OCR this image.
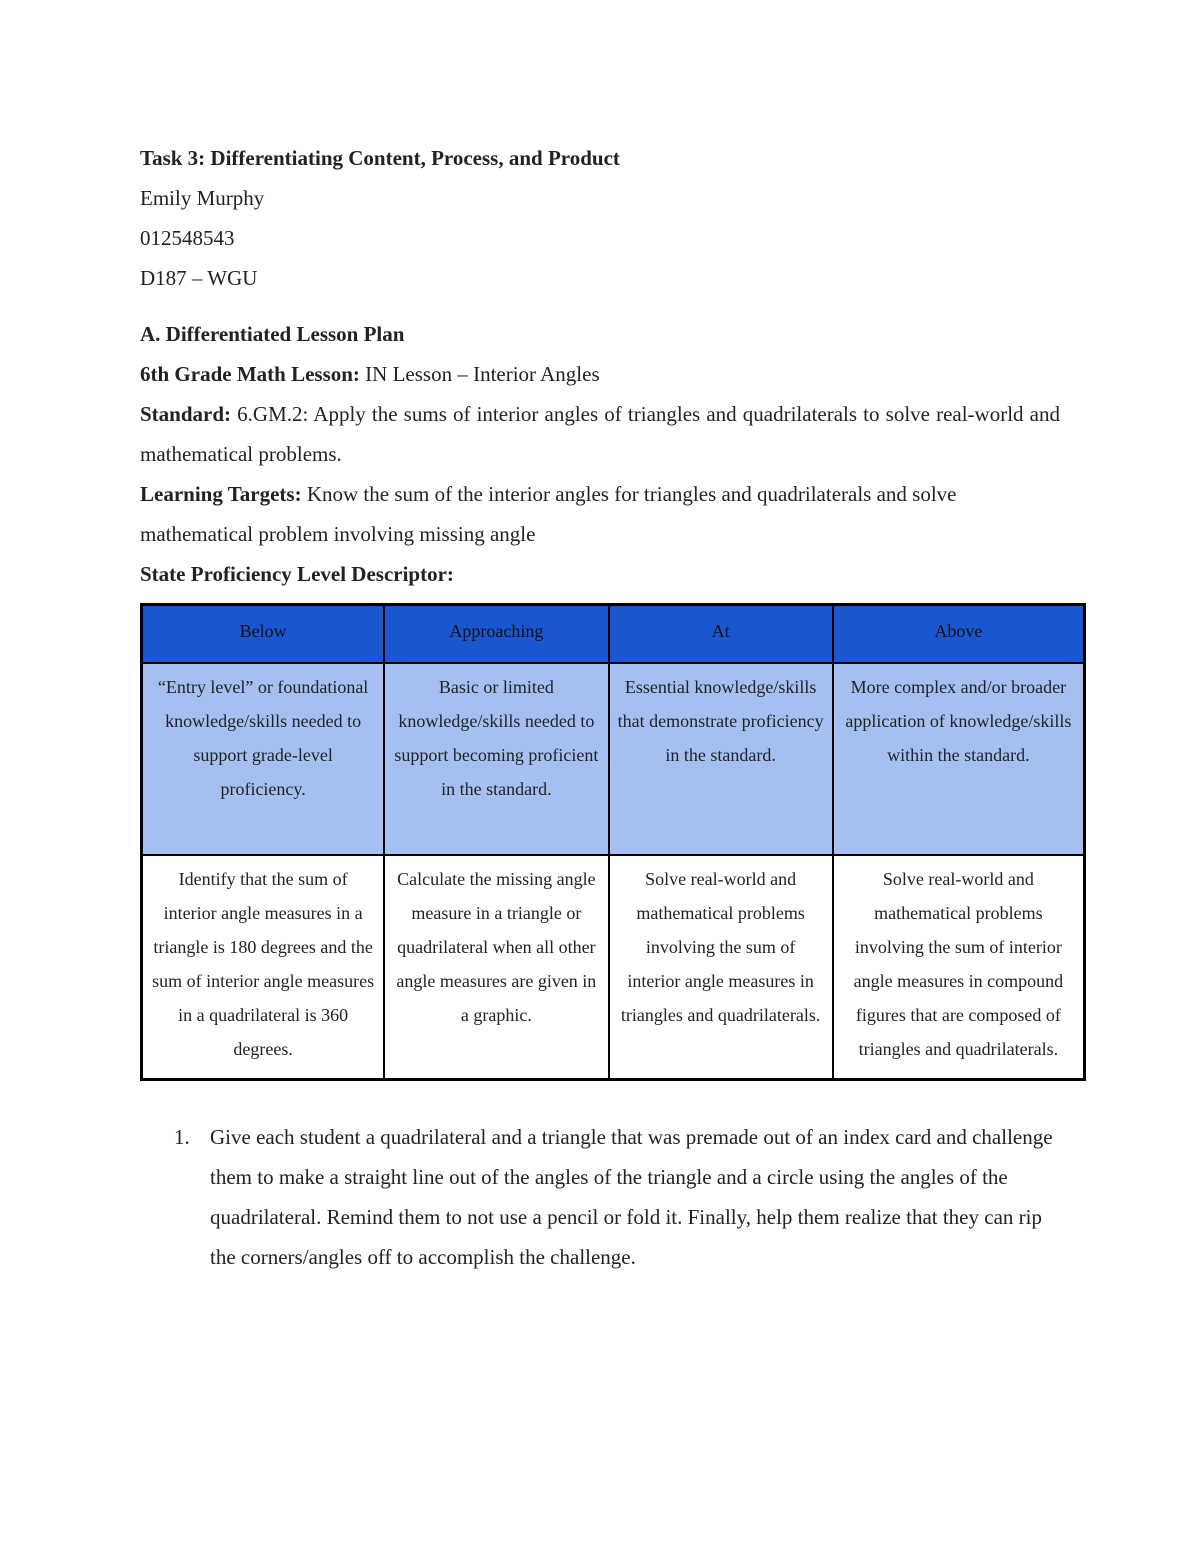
Task 3: Differentiating Content, Process, and Product

Emily Murphy

012548543

D187 – WGU

A. Differentiated Lesson Plan

6th Grade Math Lesson: IN Lesson – Interior Angles

Standard: 6.GM.2: Apply the sums of interior angles of triangles and quadrilaterals to solve real-world and mathematical problems.

Learning Targets: Know the sum of the interior angles for triangles and quadrilaterals and solve mathematical problem involving missing angle

State Proficiency Level Descriptor:

Below	Approaching	At	Above
“Entry level” or foundational knowledge/skills needed to support grade-level proficiency.	Basic or limited knowledge/skills needed to support becoming proficient in the standard.	Essential knowledge/skills that demonstrate proficiency in the standard.	More complex and/or broader application of knowledge/skills within the standard.
Identify that the sum of interior angle measures in a triangle is 180 degrees and the sum of interior angle measures in a quadrilateral is 360 degrees.	Calculate the missing angle measure in a triangle or quadrilateral when all other angle measures are given in a graphic.	Solve real-world and mathematical problems involving the sum of interior angle measures in triangles and quadrilaterals.	Solve real-world and mathematical problems involving the sum of interior angle measures in compound figures that are composed of triangles and quadrilaterals.
1. Give each student a quadrilateral and a triangle that was premade out of an index card and challenge them to make a straight line out of the angles of the triangle and a circle using the angles of the quadrilateral. Remind them to not use a pencil or fold it. Finally, help them realize that they can rip the corners/angles off to accomplish the challenge.
